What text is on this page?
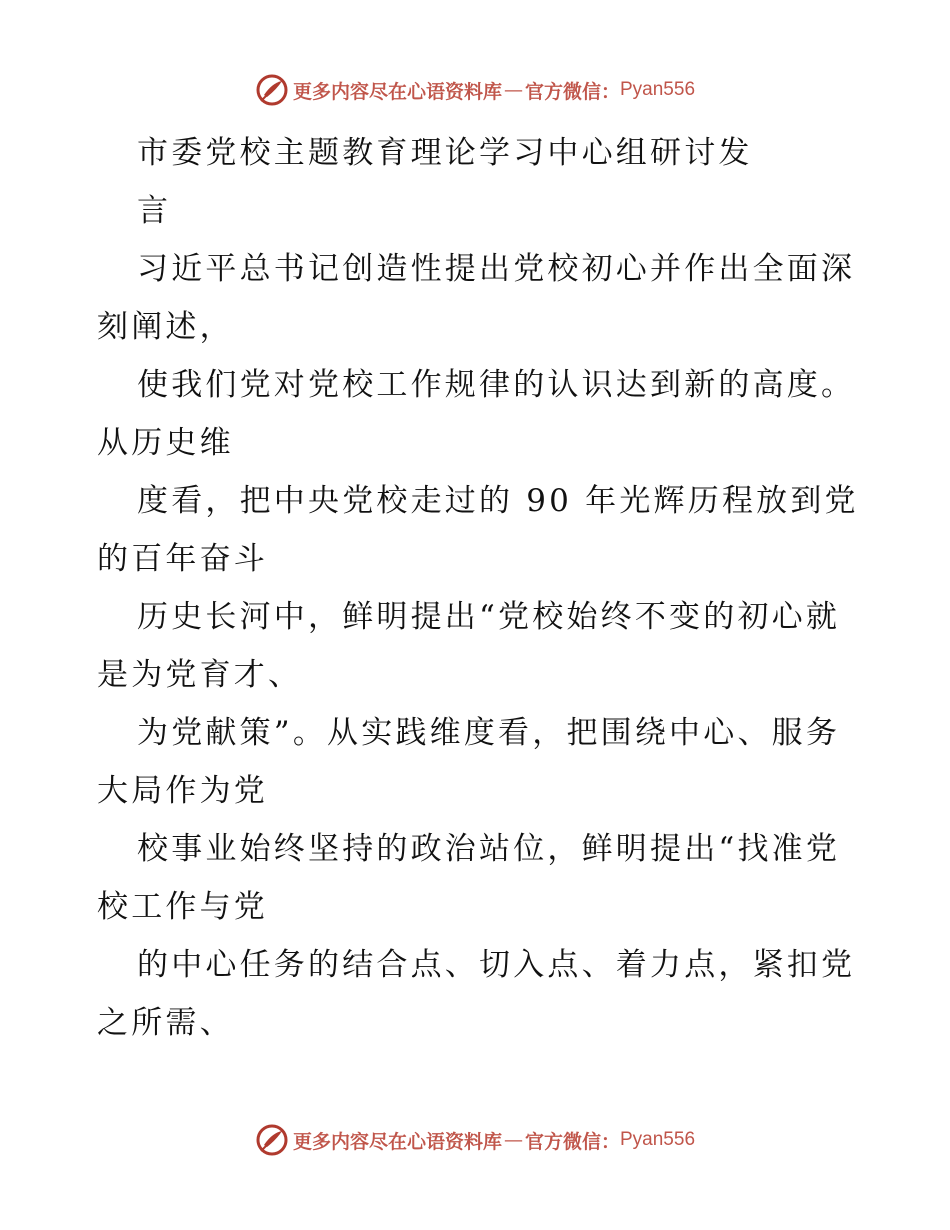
更多内容尽在心语资料库 — 官方微信： Pyan556
市委党校主题教育理论学习中心组研讨发
言
习近平总书记创造性提出党校初心并作出全面深
刻阐述，
使我们党对党校工作规律的认识达到新的高度。
从历史维
度看，把中央党校走过的 90 年光辉历程放到党
的百年奋斗
历史长河中，鲜明提出“党校始终不变的初心就
是为党育才、
为党献策”。从实践维度看，把围绕中心、服务
大局作为党
校事业始终坚持的政治站位，鲜明提出“找准党
校工作与党
的中心任务的结合点、切入点、着力点，紧扣党
之所需、
更多内容尽在心语资料库 — 官方微信： Pyan556
